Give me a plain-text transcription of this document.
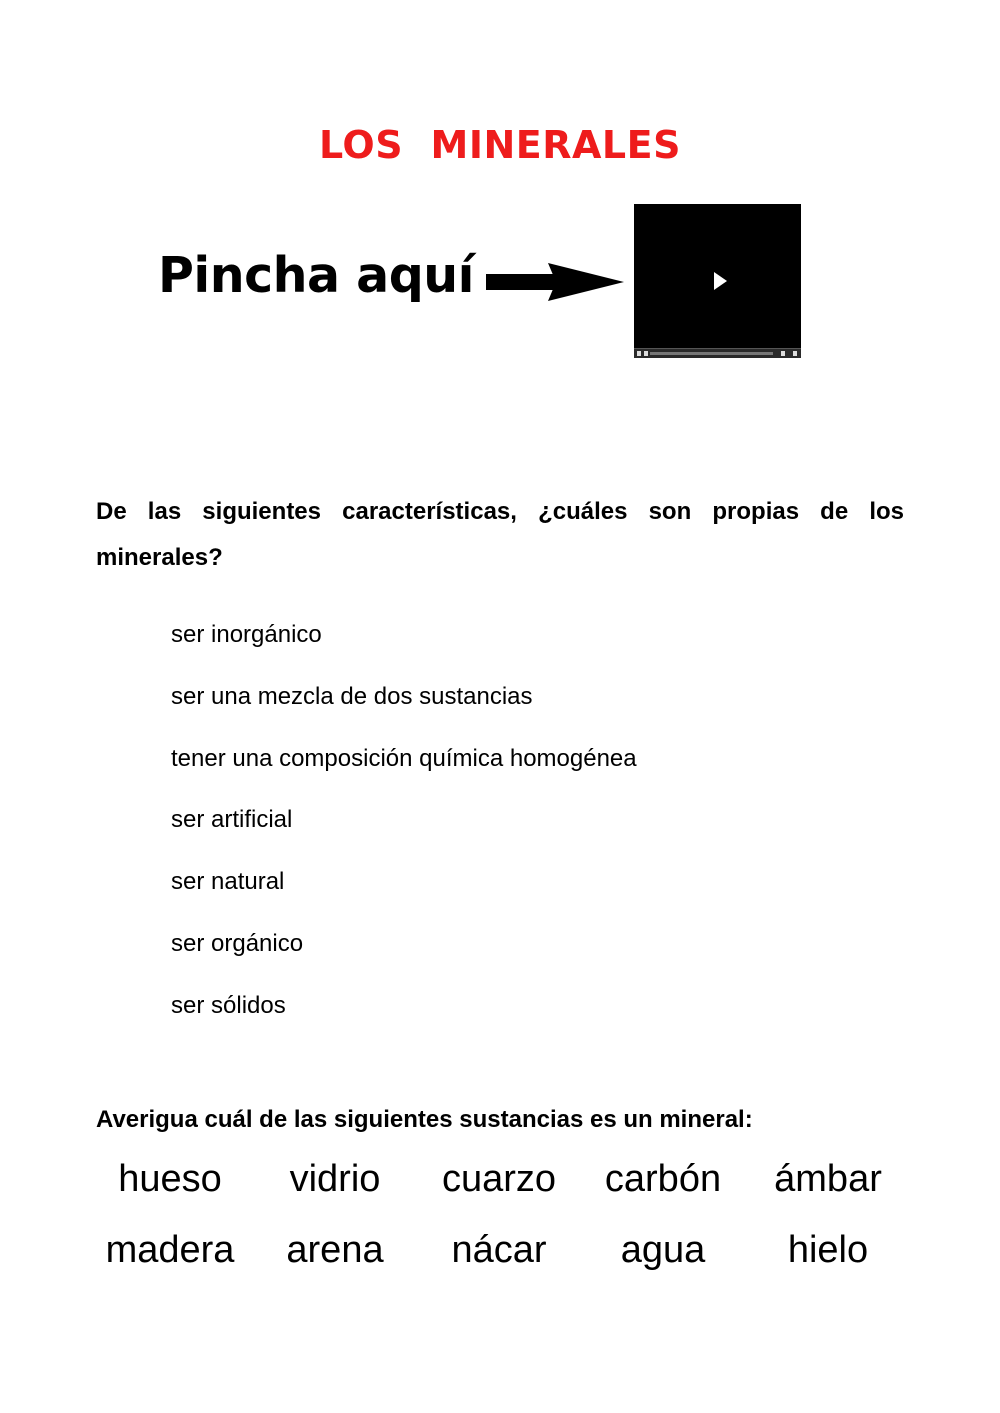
LOS  MINERALES
Pincha aquí

De las siguientes características, ¿cuáles son propias de los minerales?

ser inorgánico
ser una mezcla de dos sustancias
tener una composición química homogénea
ser artificial
ser natural
ser orgánico
ser sólidos

Averigua cuál de las siguientes sustancias es un mineral:

hueso	vidrio	cuarzo	carbón	ámbar
madera	arena	nácar	agua	hielo
